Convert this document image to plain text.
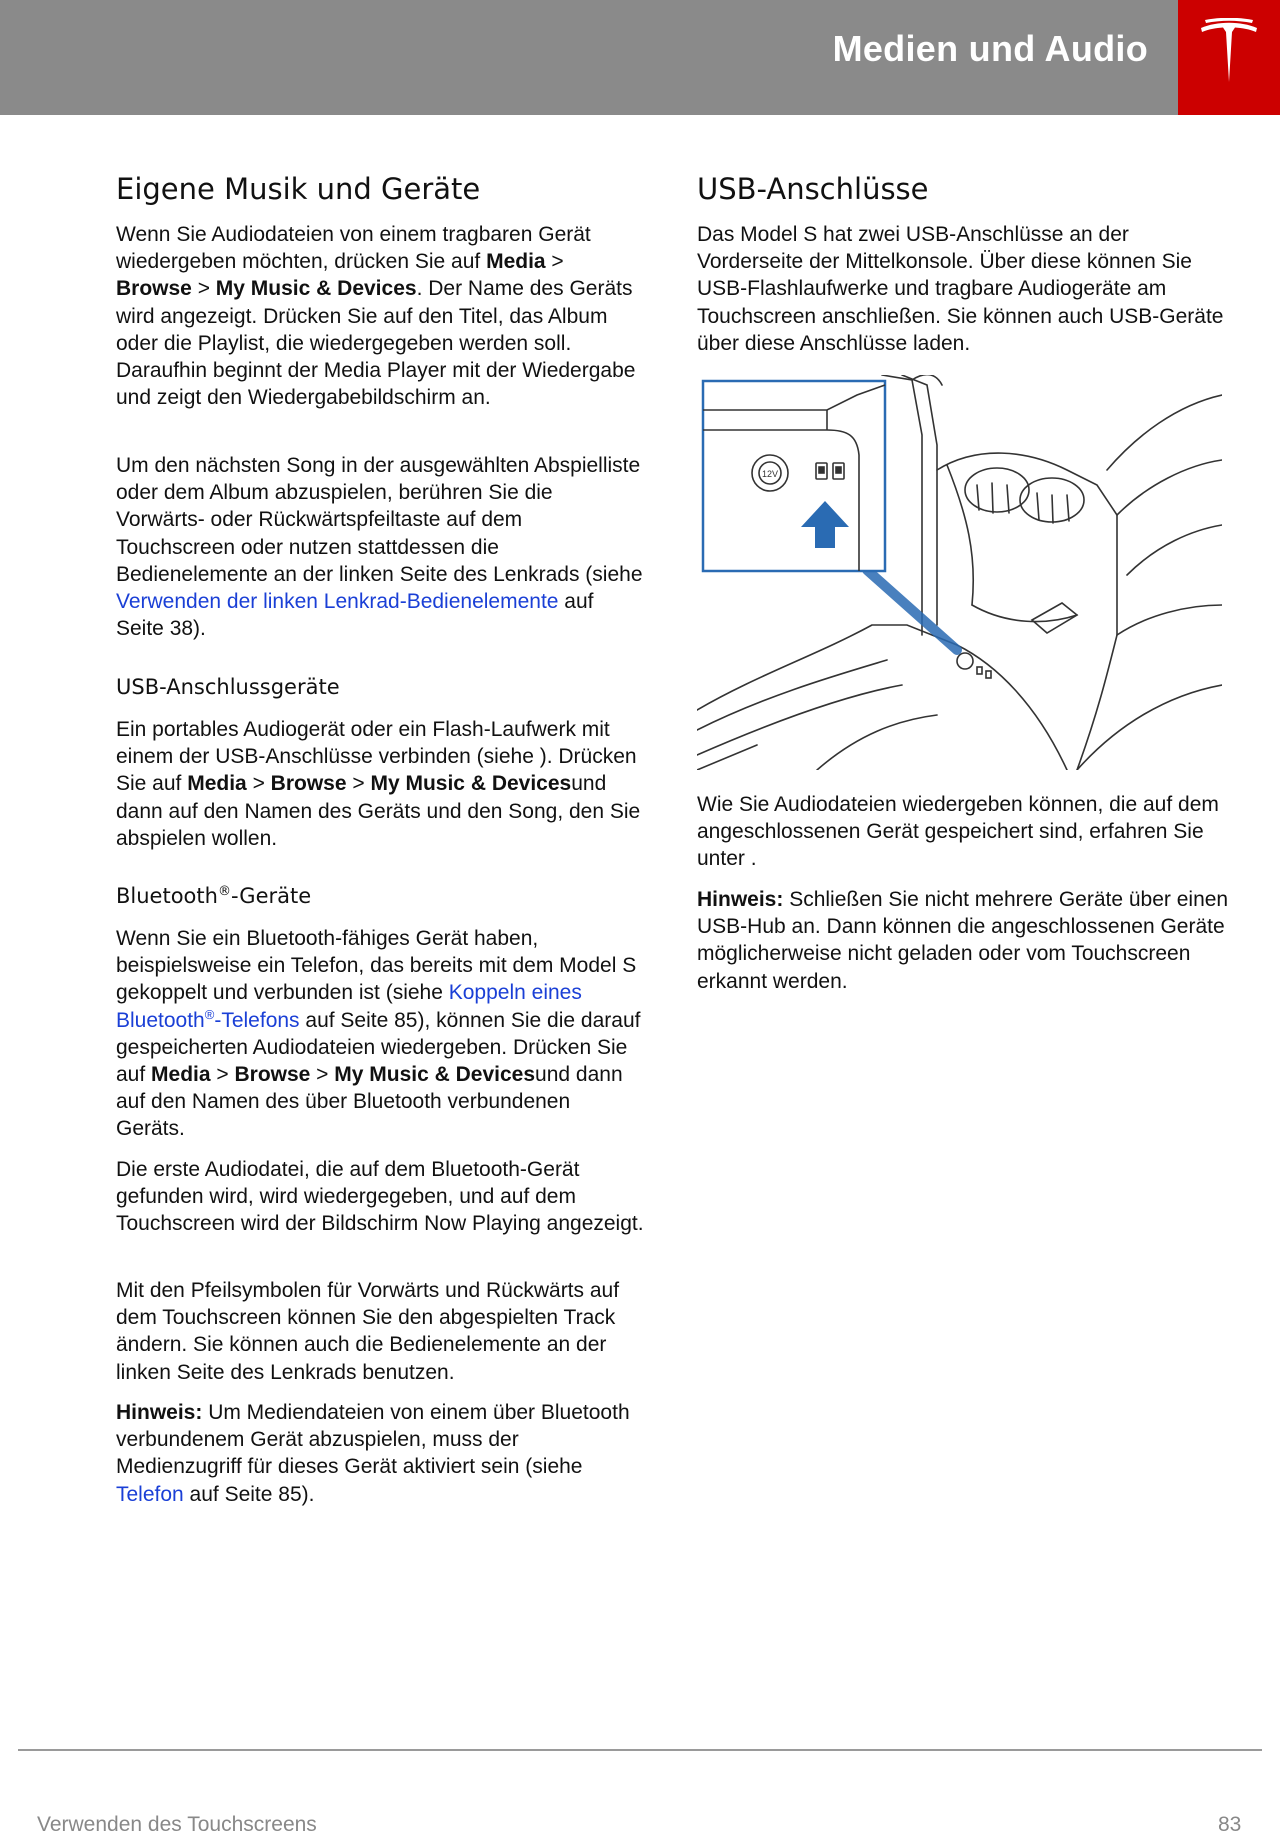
Medien und Audio
Eigene Musik und Geräte

Wenn Sie Audiodateien von einem tragbaren Gerät wiedergeben möchten, drücken Sie auf Media > Browse > My Music & Devices. Der Name des Geräts wird angezeigt. Drücken Sie auf den Titel, das Album oder die Playlist, die wiedergegeben werden soll. Daraufhin beginnt der Media Player mit der Wiedergabe und zeigt den Wiedergabebildschirm an.

Um den nächsten Song in der ausgewählten Abspielliste oder dem Album abzuspielen, berühren Sie die Vorwärts- oder Rückwärtspfeiltaste auf dem Touchscreen oder nutzen stattdessen die Bedienelemente an der linken Seite des Lenkrads (siehe Verwenden der linken Lenkrad-Bedienelemente auf Seite 38).

USB-Anschlussgeräte

Ein portables Audiogerät oder ein Flash-Laufwerk mit einem der USB-Anschlüsse verbinden (siehe ). Drücken Sie auf Media > Browse > My Music & Devicesund dann auf den Namen des Geräts und den Song, den Sie abspielen wollen.

Bluetooth®-Geräte

Wenn Sie ein Bluetooth-fähiges Gerät haben, beispielsweise ein Telefon, das bereits mit dem Model S gekoppelt und verbunden ist (siehe Koppeln eines Bluetooth®-Telefons auf Seite 85), können Sie die darauf gespeicherten Audiodateien wiedergeben. Drücken Sie auf Media > Browse > My Music & Devicesund dann auf den Namen des über Bluetooth verbundenen Geräts.

Die erste Audiodatei, die auf dem Bluetooth-Gerät gefunden wird, wird wiedergegeben, und auf dem Touchscreen wird der Bildschirm Now Playing angezeigt.

Mit den Pfeilsymbolen für Vorwärts und Rückwärts auf dem Touchscreen können Sie den abgespielten Track ändern. Sie können auch die Bedienelemente an der linken Seite des Lenkrads benutzen.

Hinweis: Um Mediendateien von einem über Bluetooth verbundenem Gerät abzuspielen, muss der Medienzugriff für dieses Gerät aktiviert sein (siehe Telefon auf Seite 85).

USB-Anschlüsse

Das Model S hat zwei USB-Anschlüsse an der Vorderseite der Mittelkonsole. Über diese können Sie USB-Flashlaufwerke und tragbare Audiogeräte am Touchscreen anschließen. Sie können auch USB-Geräte über diese Anschlüsse laden.

12V

Wie Sie Audiodateien wiedergeben können, die auf dem angeschlossenen Gerät gespeichert sind, erfahren Sie unter .

Hinweis: Schließen Sie nicht mehrere Geräte über einen USB-Hub an. Dann können die angeschlossenen Geräte möglicherweise nicht geladen oder vom Touchscreen erkannt werden.

Verwenden des Touchscreens	83
